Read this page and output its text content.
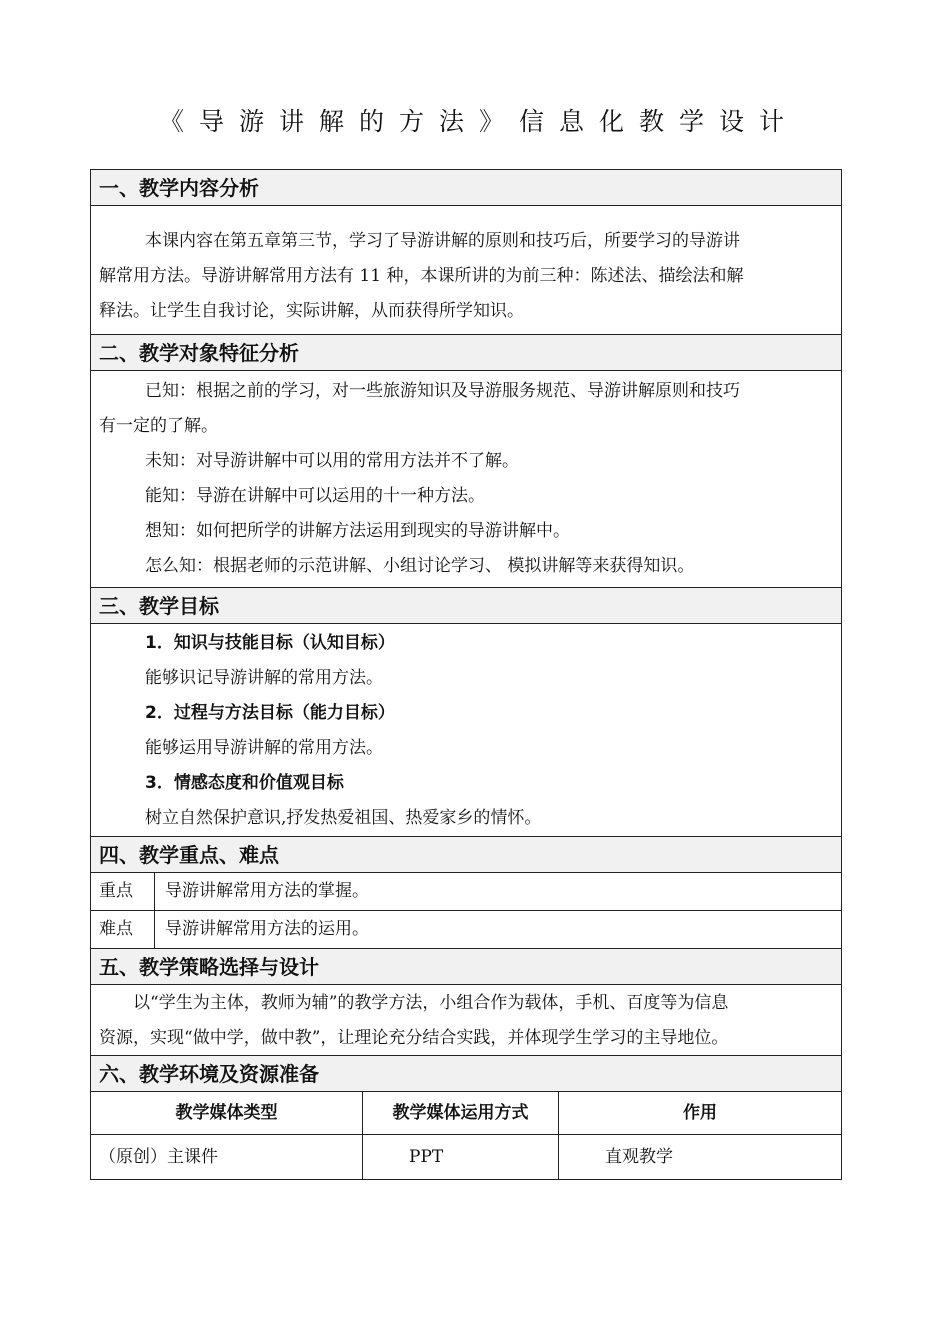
《导游讲解的方法》信息化教学设计
一、教学内容分析

本课内容在第五章第三节，学习了导游讲解的原则和技巧后，所要学习的导游讲

解常用方法。导游讲解常用方法有 11 种，本课所讲的为前三种：陈述法、描绘法和解

释法。让学生自我讨论，实际讲解，从而获得所学知识。

二、教学对象特征分析

已知：根据之前的学习，对一些旅游知识及导游服务规范、导游讲解原则和技巧

有一定的了解。

未知：对导游讲解中可以用的常用方法并不了解。

能知：导游在讲解中可以运用的十一种方法。

想知：如何把所学的讲解方法运用到现实的导游讲解中。

怎么知：根据老师的示范讲解、小组讨论学习、 模拟讲解等来获得知识。

三、教学目标

1．知识与技能目标（认知目标）

能够识记导游讲解的常用方法。

2．过程与方法目标（能力目标）

能够运用导游讲解的常用方法。

3．情感态度和价值观目标

树立自然保护意识,抒发热爱祖国、热爱家乡的情怀。

四、教学重点、难点
重点	导游讲解常用方法的掌握。
难点	导游讲解常用方法的运用。
五、教学策略选择与设计

以“学生为主体，教师为辅”的教学方法，小组合作为载体，手机、百度等为信息

资源，实现“做中学，做中教”，让理论充分结合实践，并体现学生学习的主导地位。

六、教学环境及资源准备
教学媒体类型	教学媒体运用方式	作用
（原创）主课件	PPT	直观教学
